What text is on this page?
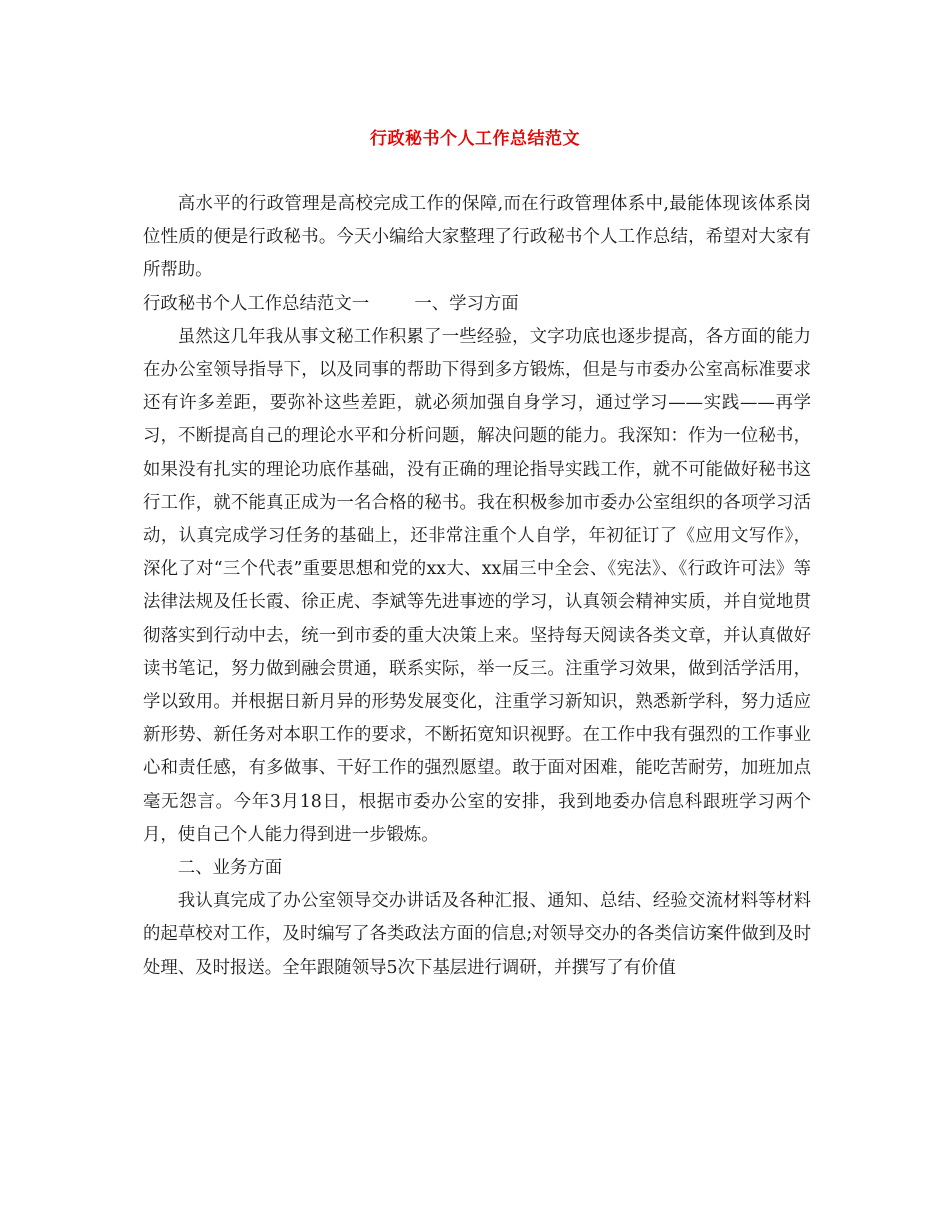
行政秘书个人工作总结范文

高水平的行政管理是高校完成工作的保障,而在行政管理体系中,最能体现该体系岗位性质的便是行政秘书。今天小编给大家整理了行政秘书个人工作总结，希望对大家有所帮助。

行政秘书个人工作总结范文一	一、学习方面

虽然这几年我从事文秘工作积累了一些经验，文字功底也逐步提高，各方面的能力在办公室领导指导下，以及同事的帮助下得到多方锻炼，但是与市委办公室高标准要求还有许多差距，要弥补这些差距，就必须加强自身学习，通过学习——实践——再学习，不断提高自己的理论水平和分析问题，解决问题的能力。我深知：作为一位秘书，如果没有扎实的理论功底作基础，没有正确的理论指导实践工作，就不可能做好秘书这行工作，就不能真正成为一名合格的秘书。我在积极参加市委办公室组织的各项学习活动，认真完成学习任务的基础上，还非常注重个人自学，年初征订了《应用文写作》，深化了对“三个代表”重要思想和党的xx大、xx届三中全会、《宪法》、《行政许可法》等法律法规及任长霞、徐正虎、李斌等先进事迹的学习，认真领会精神实质，并自觉地贯彻落实到行动中去，统一到市委的重大决策上来。坚持每天阅读各类文章，并认真做好读书笔记，努力做到融会贯通，联系实际，举一反三。注重学习效果，做到活学活用，学以致用。并根据日新月异的形势发展变化，注重学习新知识，熟悉新学科，努力适应新形势、新任务对本职工作的要求，不断拓宽知识视野。在工作中我有强烈的工作事业心和责任感，有多做事、干好工作的强烈愿望。敢于面对困难，能吃苦耐劳，加班加点毫无怨言。今年3月18日，根据市委办公室的安排，我到地委办信息科跟班学习两个月，使自己个人能力得到进一步锻炼。

二、业务方面

我认真完成了办公室领导交办讲话及各种汇报、通知、总结、经验交流材料等材料的起草校对工作，及时编写了各类政法方面的信息;对领导交办的各类信访案件做到及时处理、及时报送。全年跟随领导5次下基层进行调研，并撰写了有价值
